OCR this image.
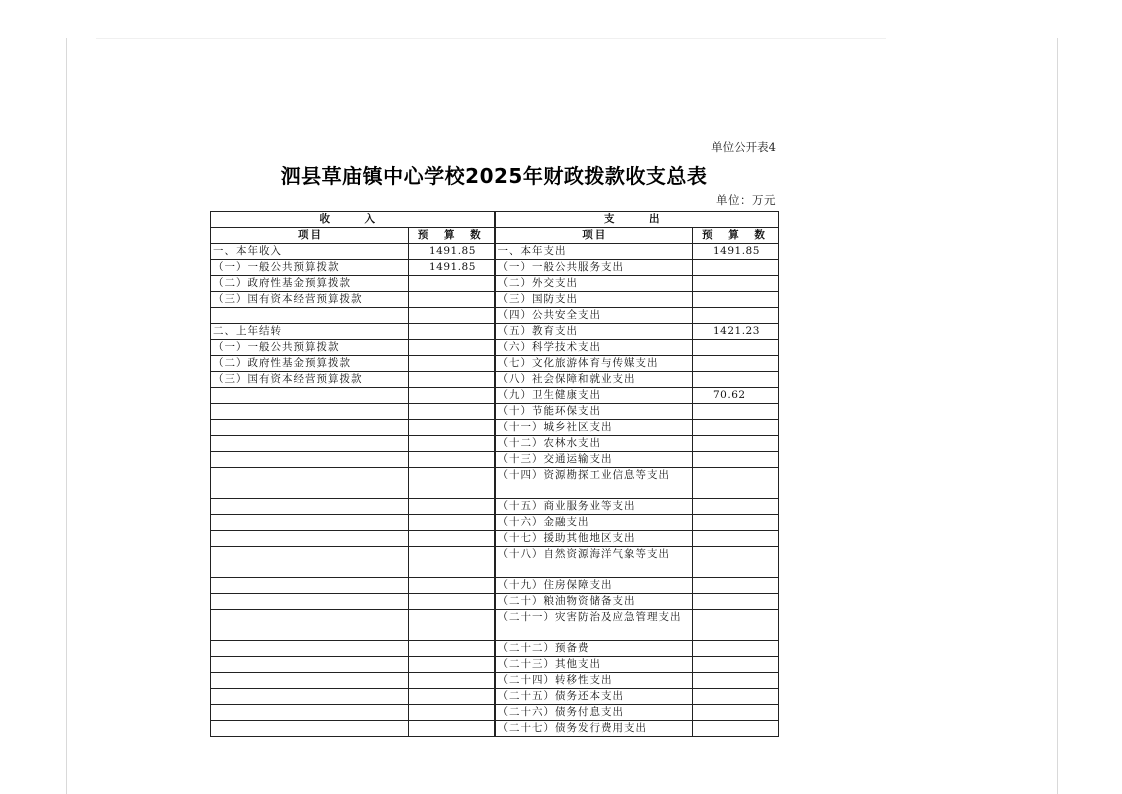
单位公开表4
泗县草庙镇中心学校2025年财政拨款收支总表
单位：万元
收　入		支　出	
项目	预 算 数	项目	预 算 数
一、本年收入	1491.85	一、本年支出	1491.85
（一）一般公共预算拨款	1491.85	（一）一般公共服务支出	
（二）政府性基金预算拨款		（二）外交支出	
（三）国有资本经营预算拨款		（三）国防支出	
		（四）公共安全支出	
二、上年结转		（五）教育支出	1421.23
（一）一般公共预算拨款		（六）科学技术支出	
（二）政府性基金预算拨款		（七）文化旅游体育与传媒支出	
（三）国有资本经营预算拨款		（八）社会保障和就业支出	
		（九）卫生健康支出	70.62
		（十）节能环保支出	
		（十一）城乡社区支出	
		（十二）农林水支出	
		（十三）交通运输支出	
		（十四）资源勘探工业信息等支出	
		（十五）商业服务业等支出	
		（十六）金融支出	
		（十七）援助其他地区支出	
		（十八）自然资源海洋气象等支出	
		（十九）住房保障支出	
		（二十）粮油物资储备支出	
		（二十一）灾害防治及应急管理支出	
		（二十二）预备费	
		（二十三）其他支出	
		（二十四）转移性支出	
		（二十五）债务还本支出	
		（二十六）债务付息支出	
		（二十七）债务发行费用支出	
